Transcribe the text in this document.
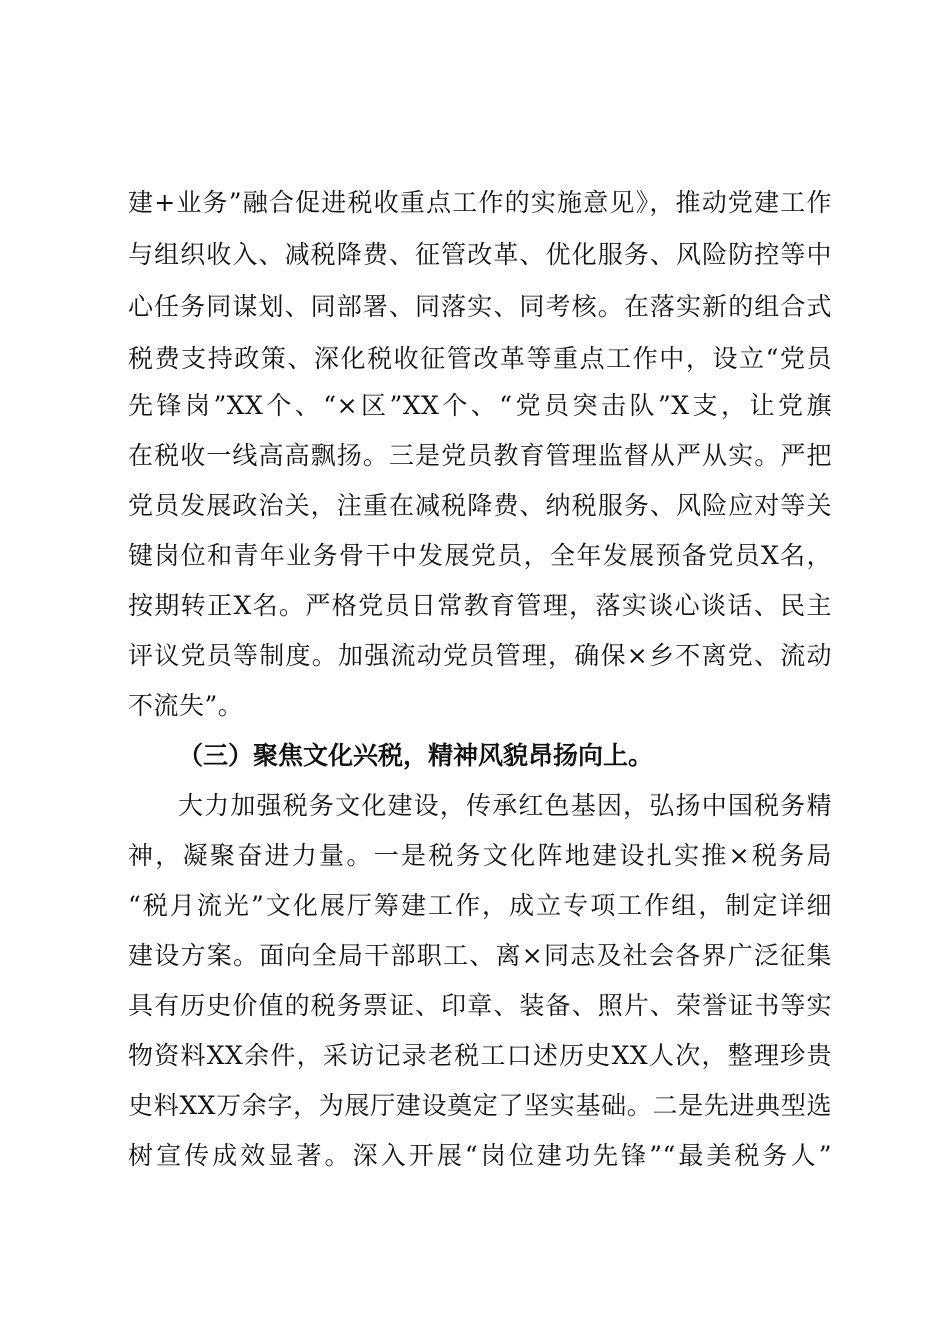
建+业务”融合促进税收重点工作的实施意见》，推动党建工作
与组织收入、减税降费、征管改革、优化服务、风险防控等中
心任务同谋划、同部署、同落实、同考核。在落实新的组合式
税费支持政策、深化税收征管改革等重点工作中，设立“党员
先锋岗”XX个、“×区”XX个、“党员突击队”X支，让党旗
在税收一线高高飘扬。三是党员教育管理监督从严从实。严把
党员发展政治关，注重在减税降费、纳税服务、风险应对等关
键岗位和青年业务骨干中发展党员，全年发展预备党员X名，
按期转正X名。严格党员日常教育管理，落实谈心谈话、民主
评议党员等制度。加强流动党员管理，确保×乡不离党、流动
不流失”。
（三）聚焦文化兴税，精神风貌昂扬向上。
大力加强税务文化建设，传承红色基因，弘扬中国税务精
神，凝聚奋进力量。一是税务文化阵地建设扎实推×税务局
“税月流光”文化展厅筹建工作，成立专项工作组，制定详细
建设方案。面向全局干部职工、离×同志及社会各界广泛征集
具有历史价值的税务票证、印章、装备、照片、荣誉证书等实
物资料XX余件，采访记录老税工口述历史XX人次，整理珍贵
史料XX万余字，为展厅建设奠定了坚实基础。二是先进典型选
树宣传成效显著。深入开展“岗位建功先锋”“最美税务人”
